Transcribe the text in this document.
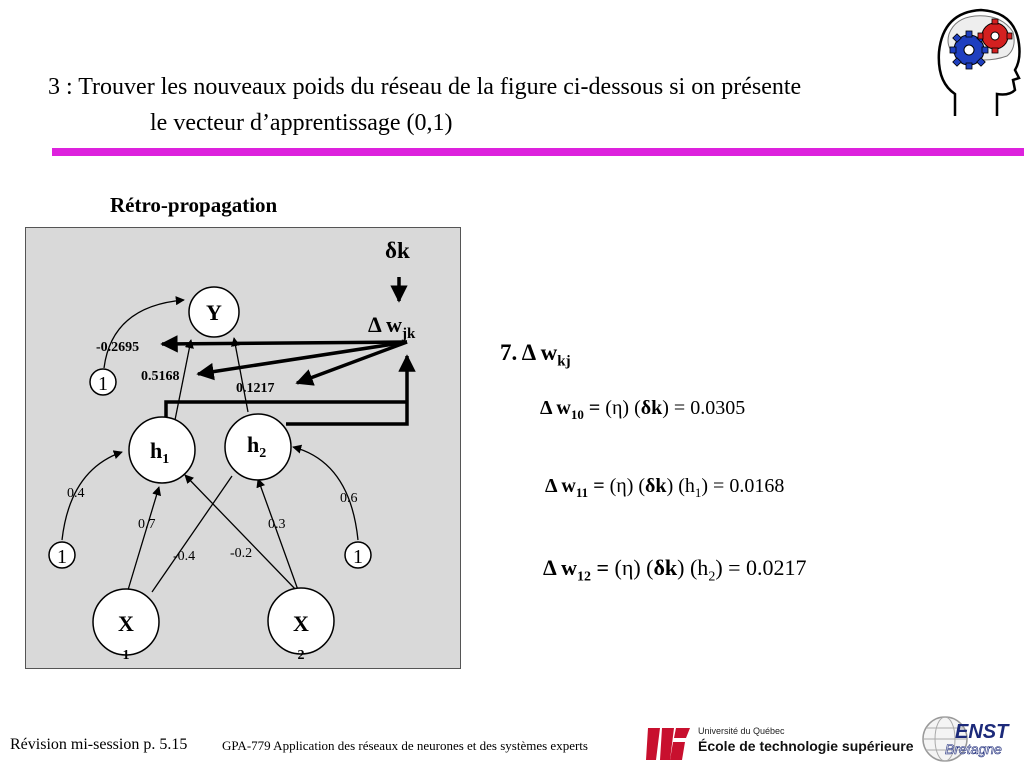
3 : Trouver les nouveaux poids du réseau de la figure ci-dessous si on présente
le vecteur d’apprentissage (0,1)
Rétro-propagation
Y
$h_1$
$h_2$
X
1
X
2
1
1	1
-0.2695
0.5168
0.1217
0.4	0.6
0.7	0.3
-0.4 -0.2
δk
Δ $w_{jk}$
7. Δ $w_{kj}$
Δ $w_{10} = (\eta) (\delta k) = 0.0305$
Δ $w_{11} = (\eta)$ (δk) $(h_1) = 0.0168$
Δ $w_{12} = (\eta)$ (δk) $(h_2) = 0.0217$
Révision mi-session p. 5.15	GPA-779 Application des réseaux de neurones et des systèmes experts
Université du Québec
École de technologie supérieure
ENST
Bretagne
